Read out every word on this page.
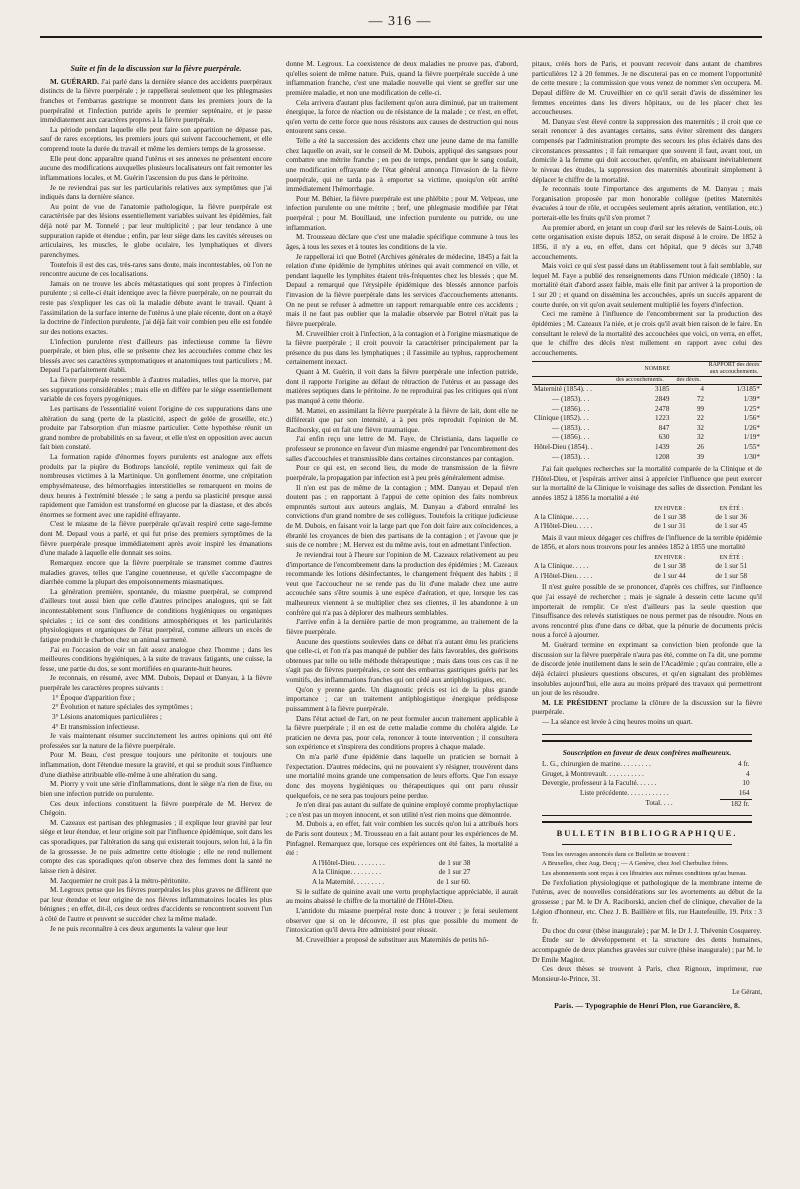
— 316 —
Suite et fin de la discussion sur la fièvre puerpérale.

M. GUÉRARD. J'ai parlé dans la dernière séance des accidents puerpéraux distincts de la fièvre puerpérale ; je rappellerai seulement que les phlegmasies franches et l'embarras gastrique se montrent dans les premiers jours de la puerpéralité et l'infection putride après le premier septénaire, et je passe immédiatement aux caractères propres à la fièvre puerpérale.

La période pendant laquelle elle peut faire son apparition ne dépasse pas, sauf de rares exceptions, les premiers jours qui suivent l'accouchement, et elle comprend toute la durée du travail et même les derniers temps de la grossesse.

Elle peut donc apparaître quand l'utérus et ses annexes ne présentent encore aucune des modifications auxquelles plusieurs localisateurs ont fait remonter les inflammations locales, et M. Guérin l'ascension du pus dans le péritoine.

Je ne reviendrai pas sur les particularités relatives aux symptômes que j'ai indiqués dans la dernière séance.

Au point de vue de l'anatomie pathologique, la fièvre puerpérale est caractérisée par des lésions essentiellement variables suivant les épidémies, fait déjà noté par M. Tonnelé ; par leur multiplicité ; par leur tendance à une suppuration rapide et étendue ; enfin, par leur siège dans les cavités séreuses ou articulaires, les muscles, le globe oculaire, les lymphatiques et divers parenchymes.

Toutefois il est des cas, très-rares sans doute, mais incontestables, où l'on ne rencontre aucune de ces localisations.

Jamais on ne trouve les abcès métastatiques qui sont propres à l'infection purulente ; si celle-ci était identique avec la fièvre puerpérale, on ne pourrait du reste pas s'expliquer les cas où la maladie débute avant le travail. Quant à l'assimilation de la surface interne de l'utérus à une plaie récente, dont on a étayé la doctrine de l'infection purulente, j'ai déjà fait voir combien peu elle est fondée sur des notions exactes.

L'infection purulente n'est d'ailleurs pas infectieuse comme la fièvre puerpérale, et bien plus, elle se présente chez les accouchées comme chez les blessés avec ses caractères symptomatiques et anatomiques tout particuliers ; M. Depaul l'a parfaitement établi.

La fièvre puerpérale ressemble à d'autres maladies, telles que la morve, par ses suppurations considérables ; mais elle en diffère par le siège essentiellement variable de ces foyers pyogéniques.

Les partisans de l'essentialité voient l'origine de ces suppurations dans une altération du sang (perte de la plasticité, aspect de gelée de groseille, etc.) produite par l'absorption d'un miasme particulier. Cette hypothèse réunit un grand nombre de probabilités en sa faveur, et elle n'est en opposition avec aucun fait bien constaté.

La formation rapide d'énormes foyers purulents est analogue aux effets produits par la piqûre du Bothrops lancéolé, reptile venimeux qui fait de nombreuses victimes à la Martinique. Un gonflement énorme, une crépitation emphysémateuse, des hémorrhagies interstitielles se remarquent en moins de deux heures à l'extrémité blessée ; le sang a perdu sa plasticité presque aussi rapidement que l'amidon est transformé en glucose par la diastase, et des abcès énormes se forment avec une rapidité effrayante.

C'est le miasme de la fièvre puerpérale qu'avait respiré cette sage-femme dont M. Depaul vous a parlé, et qui fut prise des premiers symptômes de la fièvre puerpérale presque immédiatement après avoir inspiré les émanations d'une malade à laquelle elle donnait ses soins.

Remarquez encore que la fièvre puerpérale se transmet comme d'autres maladies graves, telles que l'angine couenneuse, et qu'elle s'accompagne de diarrhée comme la plupart des empoisonnements miasmatiques.

La génération première, spontanée, du miasme puerpéral, se comprend d'ailleurs tout aussi bien que celle d'autres principes analogues, qui se fait incontestablement sous l'influence de conditions hygiéniques ou organiques spéciales ; ici ce sont des conditions atmosphériques et les particularités physiologiques et organiques de l'état puerpéral, comme ailleurs un excès de fatigue produit le charbon chez un animal surmené.

J'ai eu l'occasion de voir un fait assez analogue chez l'homme ; dans les meilleures conditions hygiéniques, à la suite de travaux fatigants, une cuisse, la fesse, une partie du dos, se sont mortifiées en quarante-huit heures.

Je reconnais, en résumé, avec MM. Dubois, Depaul et Danyau, à la fièvre puerpérale les caractères propres suivants :

1° Époque d'apparition fixe ;

2° Évolution et nature spéciales des symptômes ;

3° Lésions anatomiques particulières ;

4° Et transmission infectieuse.

Je vais maintenant résumer succinctement les autres opinions qui ont été professées sur la nature de la fièvre puerpérale.

Pour M. Beau, c'est presque toujours une péritonite et toujours une inflammation, dont l'étendue mesure la gravité, et qui se produit sous l'influence d'une diathèse attribuable elle-même à une altération du sang.

M. Piorry y voit une série d'inflammations, dont le siège n'a rien de fixe, ou bien une infection putride ou purulente.

Ces deux infections constituent la fièvre puerpérale de M. Hervez de Chégoin.

M. Cazeaux est partisan des phlegmasies ; il explique leur gravité par leur siège et leur étendue, et leur origine soit par l'influence épidémique, soit dans les cas sporadiques, par l'altération du sang qui existerait toujours, selon lui, à la fin de la grossesse. Je ne puis admettre cette étiologie ; elle ne rend nullement compte des cas sporadiques qu'on observe chez des femmes dont la santé ne laisse rien à désirer.

M. Jacquemier ne croit pas à la métro-péritonite.

M. Legroux pense que les fièvres puerpérales les plus graves ne diffèrent que par leur étendue et leur origine de nos fièvres inflammatoires locales les plus bénignes ; en effet, dit-il, ces deux ordres d'accidents se rencontrent souvent l'un à côté de l'autre et peuvent se succéder chez la même malade.

Je ne puis reconnaître à ces deux arguments la valeur que leur

donne M. Legroux. La coexistence de deux maladies ne prouve pas, d'abord, qu'elles soient de même nature. Puis, quand la fièvre puerpérale succède à une inflammation franche, c'est une maladie nouvelle qui vient se greffer sur une première maladie, et non une modification de celle-ci.

Cela arrivera d'autant plus facilement qu'on aura diminué, par un traitement énergique, la force de réaction ou de résistance de la malade ; ce n'est, en effet, qu'en vertu de cette force que nous résistons aux causes de destruction qui nous entourent sans cesse.

Telle a été la succession des accidents chez une jeune dame de ma famille chez laquelle on avait, sur le conseil de M. Dubois, appliqué des sangsues pour combattre une métrite franche ; en peu de temps, pendant que le sang coulait, une modification effrayante de l'état général annonça l'invasion de la fièvre puerpérale, qui ne tarda pas à emporter sa victime, quoiqu'on eût arrêté immédiatement l'hémorrhagie.

Pour M. Béhier, la fièvre puerpérale est une phlébite ; pour M. Velpeau, une infection purulente ou une métrite ; bref, une phlegmasie modifiée par l'état puerpéral ; pour M. Bouillaud, une infection purulente ou putride, ou une inflammation.

M. Trousseau déclare que c'est une maladie spécifique commune à tous les âges, à tous les sexes et à toutes les conditions de la vie.

Je rappellerai ici que Botrel (Archives générales de médecine, 1845) a fait la relation d'une épidémie de lymphites utérines qui avait commencé en ville, et pendant laquelle les lymphites étaient très-fréquentes chez les blessés ; que M. Depaul a remarqué que l'érysipèle épidémique des blessés annonce parfois l'invasion de la fièvre puerpérale dans les services d'accouchements attenants. On ne peut se refuser à admettre un rapport remarquable entre ces accidents ; mais il ne faut pas oublier que la maladie observée par Botrel n'était pas la fièvre puerpérale.

M. Cruveilhier croit à l'infection, à la contagion et à l'origine miasmatique de la fièvre puerpérale ; il croit pouvoir la caractériser principalement par la présence du pus dans les lymphatiques ; il l'assimile au typhus, rapprochement certainement inexact.

Quant à M. Guérin, il voit dans la fièvre puerpérale une infection putride, dont il rapporte l'origine au défaut de rétraction de l'utérus et au passage des matières septiques dans le péritoine. Je ne reproduirai pas les critiques qui n'ont pas manqué à cette théorie.

M. Mattei, en assimilant la fièvre puerpérale à la fièvre de lait, dont elle ne différerait que par son intensité, a à peu près reproduit l'opinion de M. Raciborsky, qui en fait une fièvre traumatique.

J'ai enfin reçu une lettre de M. Faye, de Christiania, dans laquelle ce professeur se prononce en faveur d'un miasme engendré par l'encombrement des salles d'accouchées et transmissible dans certaines circonstances par contagion.

Pour ce qui est, en second lieu, du mode de transmission de la fièvre puerpérale, la propagation par infection est à peu près généralement admise.

Il n'en est pas de même de la contagion ; MM. Danyau et Depaul n'en doutent pas ; en rapportant à l'appui de cette opinion des faits nombreux empruntés surtout aux auteurs anglais, M. Danyau a d'abord entraîné les convictions d'un grand nombre de ses collègues. Toutefois la critique judicieuse de M. Dubois, en faisant voir la large part que l'on doit faire aux coïncidences, a ébranlé les croyances de bien des partisans de la contagion ; et j'avoue que je suis de ce nombre ; M. Hervez est du même avis, tout en admettant l'infection.

Je reviendrai tout à l'heure sur l'opinion de M. Cazeaux relativement au peu d'importance de l'encombrement dans la production des épidémies ; M. Cazeaux recommande les lotions désinfectantes, le changement fréquent des habits ; il veut que l'accoucheur ne se rende pas du lit d'une malade chez une autre accouchée sans s'être soumis à une espèce d'aération, et que, lorsque les cas malheureux viennent à se multiplier chez ses clientes, il les abandonne à un confrère qui n'a pas à déplorer des malheurs semblables.

J'arrive enfin à la dernière partie de mon programme, au traitement de la fièvre puerpérale.

Aucune des questions soulevées dans ce débat n'a autant ému les praticiens que celle-ci, et l'on n'a pas manqué de publier des faits favorables, des guérisons obtenues par telle ou telle méthode thérapeutique ; mais dans tous ces cas il ne s'agit pas de fièvres puerpérales, ce sont des embarras gastriques guéris par les vomitifs, des inflammations franches qui ont cédé aux antiphlogistiques, etc.

Qu'on y prenne garde. Un diagnostic précis est ici de la plus grande importance ; car un traitement antiphlogistique énergique prédispose puissamment à la fièvre puerpérale.

Dans l'état actuel de l'art, on ne peut formuler aucun traitement applicable à la fièvre puerpérale ; il en est de cette maladie comme du choléra algide. Le praticien ne devra pas, pour cela, renoncer à toute intervention ; il consultera son expérience et s'inspirera des conditions propres à chaque malade.

On m'a parlé d'une épidémie dans laquelle un praticien se bornait à l'expectation. D'autres médecins, qui ne pouvaient s'y résigner, trouvèrent dans une mortalité moins grande une compensation de leurs efforts. Que l'on essaye donc des moyens hygiéniques ou thérapeutiques qui ont paru réussir quelquefois, ce ne sera pas toujours peine perdue.

Je n'en dirai pas autant du sulfate de quinine employé comme prophylactique ; ce n'est pas un moyen innocent, et son utilité n'est rien moins que démontrée.

M. Dubois a, en effet, fait voir combien les succès qu'on lui a attribués hors de Paris sont douteux ; M. Trousseau en a fait autant pour les expériences de M. Pinfagnel. Remarquez que, lorsque ces expériences ont été faites, la mortalité a été :

A l'Hôtel-Dieu. . . . . . . . .	de 1 sur 38
A la Clinique. . . . . . . . .	de 1 sur 27
A la Maternité. . . . . . . . .	de 1 sur 60.

Si le sulfate de quinine avait une vertu prophylactique appréciable, il aurait au moins abaissé le chiffre de la mortalité de l'Hôtel-Dieu.

L'antidote du miasme puerpéral reste donc à trouver ; je ferai seulement observer que si on le découvre, il est plus que possible du moment de l'intoxication qu'il devra être administré pour réussir.

M. Cruveilhier a proposé de substituer aux Maternités de petits hô-

pitaux, créés hors de Paris, et pouvant recevoir dans autant de chambres particulières 12 à 20 femmes. Je ne discuterai pas en ce moment l'opportunité de cette mesure ; la commission que vous venez de nommer s'en occupera. M. Depaul diffère de M. Cruveilhier en ce qu'il serait d'avis de disséminer les femmes enceintes dans les divers hôpitaux, ou de les placer chez les accoucheuses.

M. Danyau s'est élevé contre la suppression des maternités ; il croit que ce serait renoncer à des avantages certains, sans éviter sûrement des dangers compensés par l'administration prompte des secours les plus éclairés dans des circonstances pressantes ; il fait remarquer que souvent il faut, avant tout, un domicile à la femme qui doit accoucher, qu'enfin, en abaissant inévitablement le niveau des études, la suppression des maternités aboutirait simplement à déplacer le chiffre de la mortalité.

Je reconnais toute l'importance des arguments de M. Danyau ; mais l'organisation proposée par mon honorable collègue (petites Maternités évacuées à tour de rôle, et occupées seulement après aération, ventilation, etc.) porterait-elle les fruits qu'il s'en promet ?

Au premier abord, en jetant un coup d'œil sur les relevés de Saint-Louis, où cette organisation existe depuis 1852, on serait disposé à le croire. De 1852 à 1856, il n'y a eu, en effet, dans cet hôpital, que 9 décès sur 3,748 accouchements.

Mais voici ce qui s'est passé dans un établissement tout à fait semblable, sur lequel M. Faye a publié des renseignements dans l'Union médicale (1850) : la mortalité était d'abord assez faible, mais elle finit par arriver à la proportion de 1 sur 20 ; et quand on dissémina les accouchées, après un succès apparent de courte durée, on vit qu'on avait seulement multiplié les foyers d'infection.

Ceci me ramène à l'influence de l'encombrement sur la production des épidémies ; M. Cazeaux l'a niée, et je crois qu'il avait bien raison de le faire. En consultant le relevé de la mortalité des accouchées que voici, on verra, en effet, que le chiffre des décès n'est nullement en rapport avec celui des accouchements.

	NOMBRE		RAPPORT des décès aux accouchements.
	des accouchements.	des décès.	
Maternité (1854). . .	3185	4	1/3185*
— (1853). . .	2849	72	1/39*
— (1856). . .	2478	99	1/25*
Clinique (1852). . .	1223	22	1/56*
— (1853). . .	847	32	1/26*
— (1856). . .	630	32	1/19*
Hôtel-Dieu (1854). .	1439	26	1/55*
— (1853). . .	1208	39	1/30*

J'ai fait quelques recherches sur la mortalité comparée de la Clinique et de l'Hôtel-Dieu, et j'espérais arriver ainsi à apprécier l'influence que peut exercer sur la mortalité de la Clinique le voisinage des salles de dissection. Pendant les années 1852 à 1856 la mortalité a été

	EN HIVER :	EN ÉTÉ :
A la Clinique. . . . .	de 1 sur 38	de 1 sur 36
A l'Hôtel-Dieu. . . . .	de 1 sur 31	de 1 sur 45

Mais il vaut mieux dégager ces chiffres de l'influence de la terrible épidémie de 1856, et alors nous trouvons pour les années 1852 à 1855 une mortalité

	EN HIVER :	EN ÉTÉ :
A la Clinique. . . . .	de 1 sur 38	de 1 sur 51
A l'Hôtel-Dieu. . . . .	de 1 sur 44	de 1 sur 58

Il n'est guère possible de se prononcer, d'après ces chiffres, sur l'influence que j'ai essayé de rechercher ; mais je signale à dessein cette lacune qu'il importerait de remplir. Ce n'est d'ailleurs pas la seule question que l'insuffisance des relevés statistiques ne nous permet pas de résoudre. Nous en avons rencontré plus d'une dans ce débat, que la pénurie de documents précis nous a forcé à ajourner.

M. Guérard termine en exprimant sa conviction bien profonde que la discussion sur la fièvre puerpérale n'aura pas été, comme on l'a dit, une pomme de discorde jetée inutilement dans le sein de l'Académie ; qu'au contraire, elle a déjà éclairci plusieurs questions obscures, et qu'en signalant des problèmes insolubles aujourd'hui, elle aura au moins préparé des travaux qui permettront un jour de les résoudre.

M. LE PRÉSIDENT proclame la clôture de la discussion sur la fièvre puerpérale.

— La séance est levée à cinq heures moins un quart.

Souscription en faveur de deux confrères malheureux.
L. G., chirurgien de marine. . . . . . . . .	4 fr.
Gruget, à Montrevault. . . . . . . . . . .	4
Devergie, professeur à la Faculté. . . . . .	10
Liste précédente. . . . . . . . . . . .	164
Total. . . .	182 fr.
BULLETIN BIBLIOGRAPHIQUE.

Tous les ouvrages annoncés dans ce Bulletin se trouvent :

A Bruxelles, chez Aug. Decq ; — A Genève, chez Joel Cherbuliez frères.

Les abonnements sont reçus à ces librairies aux mêmes conditions qu'au bureau.

De l'exfoliation physiologique et pathologique de la membrane interne de l'utérus, avec de nouvelles considérations sur les avortements au début de la grossesse ; par M. le Dr A. Raciborski, ancien chef de clinique, chevalier de la Légion d'honneur, etc. Chez J. B. Baillière et fils, rue Hautefeuille, 19. Prix : 3 fr.

Du choc du cœur (thèse inaugurale) ; par M. le Dr J. J. Thévenin Cosquerey.

Étude sur le développement et la structure des dents humaines, accompagnée de deux planches gravées sur cuivre (thèse inaugurale) ; par M. le Dr Emile Magitot.

Ces deux thèses se trouvent à Paris, chez Rignoux, imprimeur, rue Monsieur-le-Prince, 31.

Le Gérant,
Paris. — Typographie de Henri Plon, rue Garancière, 8.
